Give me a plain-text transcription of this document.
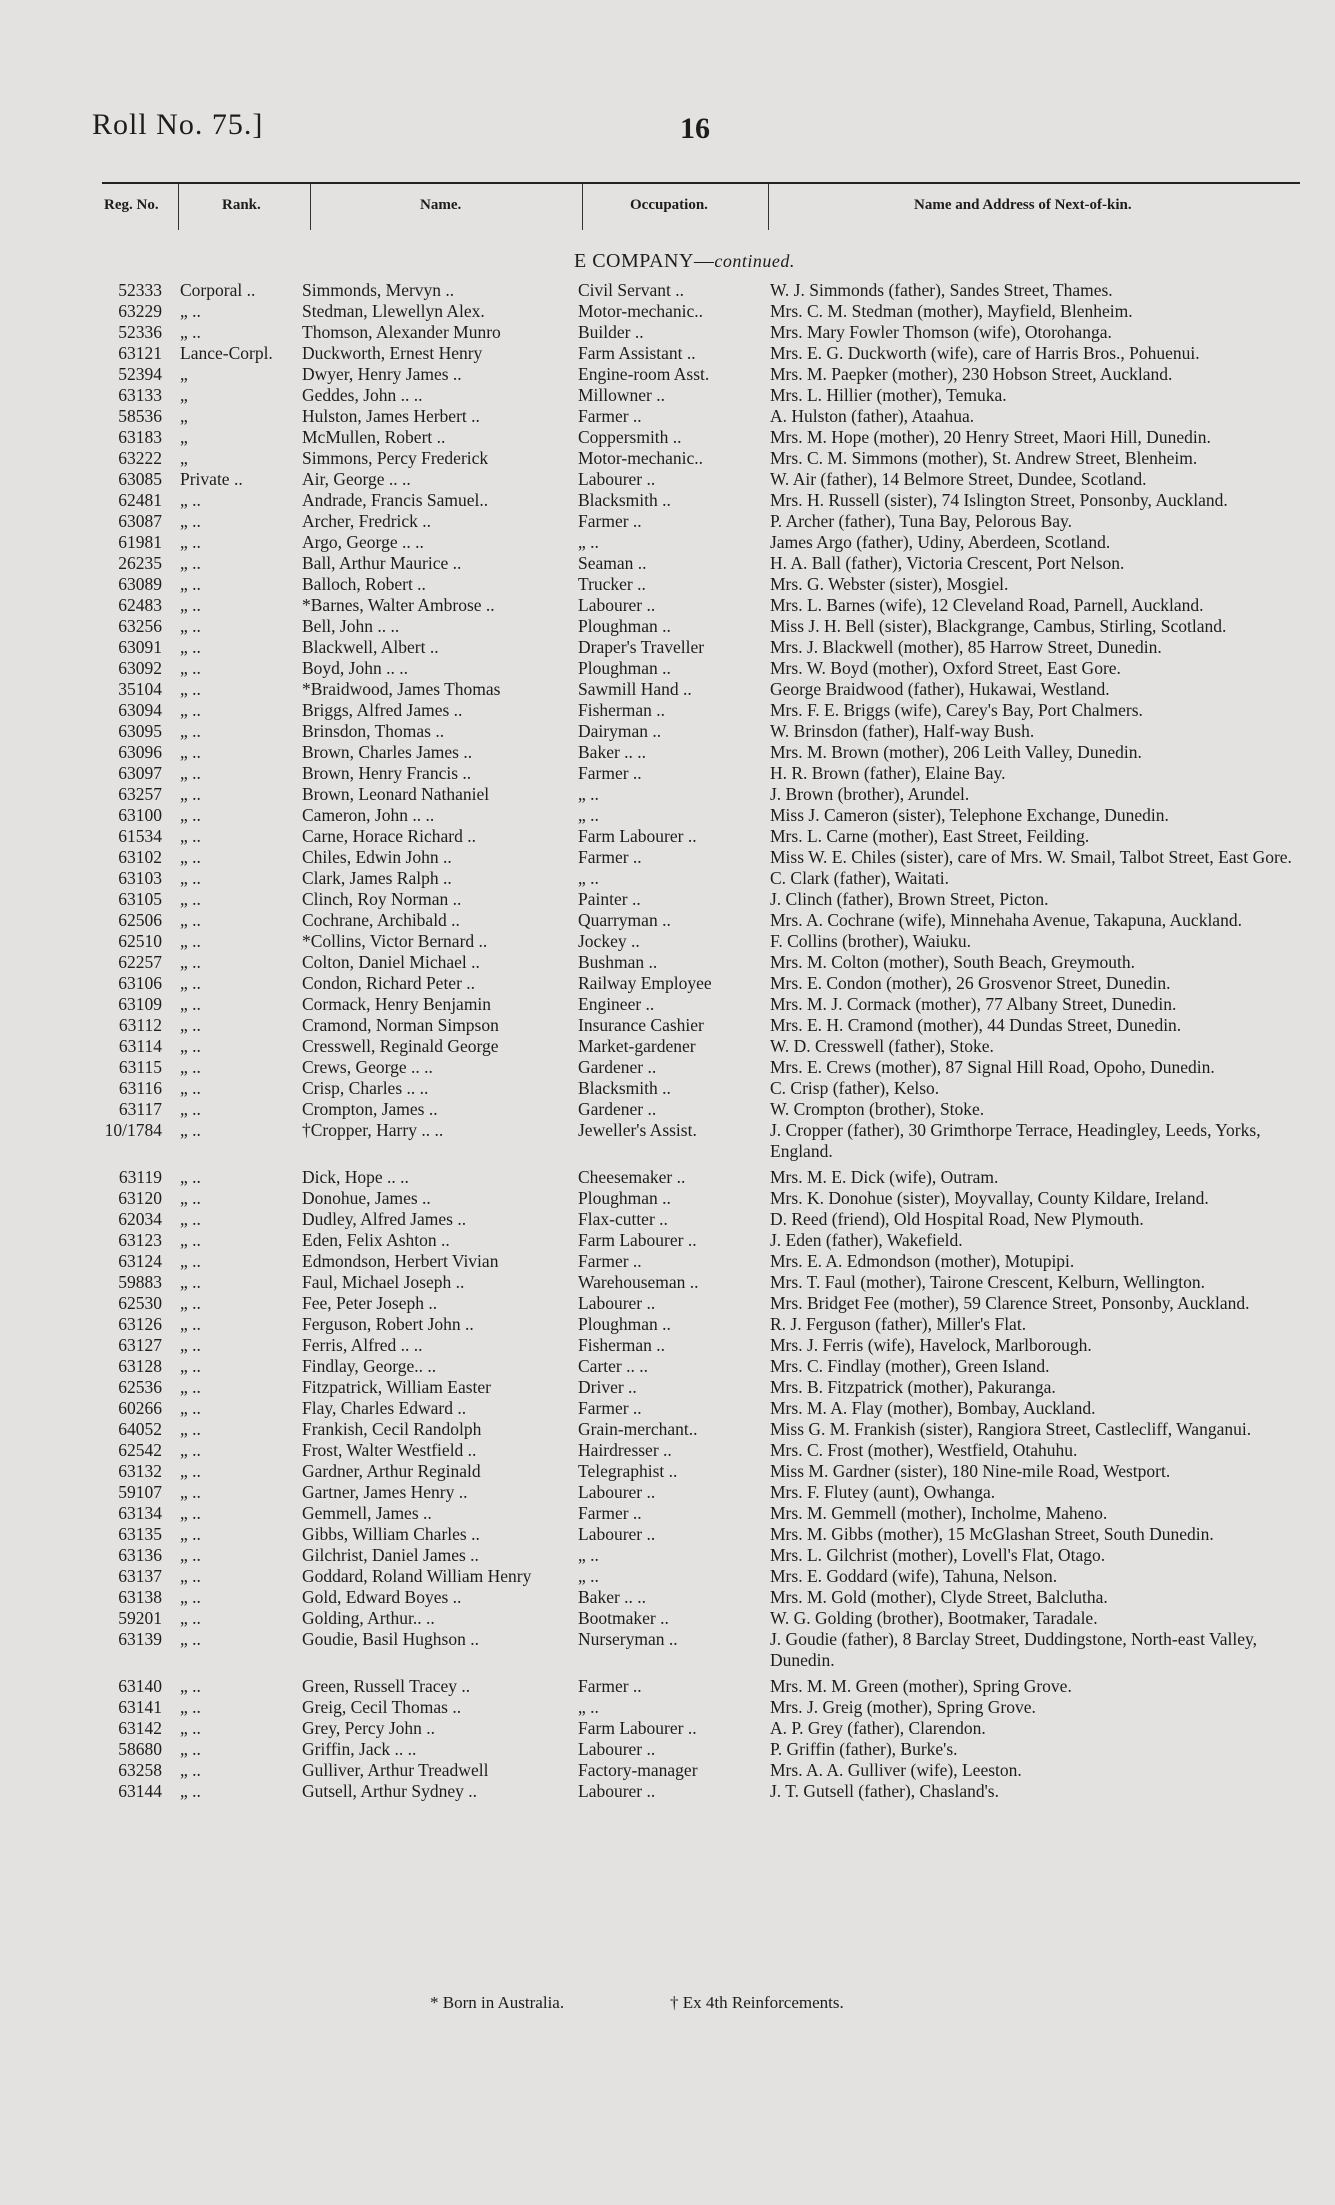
Roll No. 75.]	16
Reg. No.	Rank.	Name.	Occupation.	Name and Address of Next-of-kin.
E COMPANY—continued.
52333 Corporal ..	Simmonds, Mervyn ..	Civil Servant ..	W. J. Simmonds (father), Sandes Street, Thames.
63229 „ ..	Stedman, Llewellyn Alex.	Motor-mechanic..	Mrs. C. M. Stedman (mother), Mayfield, Blenheim.
52336 „ ..	Thomson, Alexander Munro	Builder ..	Mrs. Mary Fowler Thomson (wife), Otorohanga.
63121 Lance-Corpl.	Duckworth, Ernest Henry	Farm Assistant ..	Mrs. E. G. Duckworth (wife), care of Harris Bros., Pohuenui.
52394 „	Dwyer, Henry James ..	Engine-room Asst.	Mrs. M. Paepker (mother), 230 Hobson Street, Auckland.
63133 „	Geddes, John .. ..	Millowner ..	Mrs. L. Hillier (mother), Temuka.
58536 „	Hulston, James Herbert ..	Farmer ..	A. Hulston (father), Ataahua.
63183 „	McMullen, Robert ..	Coppersmith ..	Mrs. M. Hope (mother), 20 Henry Street, Maori Hill, Dunedin.
63222 „	Simmons, Percy Frederick	Motor-mechanic..	Mrs. C. M. Simmons (mother), St. Andrew Street, Blenheim.
63085 Private ..	Air, George .. ..	Labourer ..	W. Air (father), 14 Belmore Street, Dundee, Scotland.
62481 „ ..	Andrade, Francis Samuel..	Blacksmith ..	Mrs. H. Russell (sister), 74 Islington Street, Ponsonby, Auckland.
63087 „ ..	Archer, Fredrick ..	Farmer ..	P. Archer (father), Tuna Bay, Pelorous Bay.
61981 „ ..	Argo, George .. ..	„ ..	James Argo (father), Udiny, Aberdeen, Scotland.
26235 „ ..	Ball, Arthur Maurice ..	Seaman ..	H. A. Ball (father), Victoria Crescent, Port Nelson.
63089 „ ..	Balloch, Robert ..	Trucker ..	Mrs. G. Webster (sister), Mosgiel.
62483 „ ..	*Barnes, Walter Ambrose ..	Labourer ..	Mrs. L. Barnes (wife), 12 Cleveland Road, Parnell, Auckland.
63256 „ ..	Bell, John .. ..	Ploughman ..	Miss J. H. Bell (sister), Blackgrange, Cambus, Stirling, Scotland.
63091 „ ..	Blackwell, Albert ..	Draper's Traveller	Mrs. J. Blackwell (mother), 85 Harrow Street, Dunedin.
63092 „ ..	Boyd, John .. ..	Ploughman ..	Mrs. W. Boyd (mother), Oxford Street, East Gore.
35104 „ ..	*Braidwood, James Thomas	Sawmill Hand ..	George Braidwood (father), Hukawai, Westland.
63094 „ ..	Briggs, Alfred James ..	Fisherman ..	Mrs. F. E. Briggs (wife), Carey's Bay, Port Chalmers.
63095 „ ..	Brinsdon, Thomas ..	Dairyman ..	W. Brinsdon (father), Half-way Bush.
63096 „ ..	Brown, Charles James ..	Baker .. ..	Mrs. M. Brown (mother), 206 Leith Valley, Dunedin.
63097 „ ..	Brown, Henry Francis ..	Farmer ..	H. R. Brown (father), Elaine Bay.
63257 „ ..	Brown, Leonard Nathaniel	„ ..	J. Brown (brother), Arundel.
63100 „ ..	Cameron, John .. ..	„ ..	Miss J. Cameron (sister), Telephone Exchange, Dunedin.
61534 „ ..	Carne, Horace Richard ..	Farm Labourer ..	Mrs. L. Carne (mother), East Street, Feilding.
63102 „ ..	Chiles, Edwin John ..	Farmer ..	Miss W. E. Chiles (sister), care of Mrs. W. Smail, Talbot Street, East Gore.
63103 „ ..	Clark, James Ralph ..	„ ..	C. Clark (father), Waitati.
63105 „ ..	Clinch, Roy Norman ..	Painter ..	J. Clinch (father), Brown Street, Picton.
62506 „ ..	Cochrane, Archibald ..	Quarryman ..	Mrs. A. Cochrane (wife), Minnehaha Avenue, Takapuna, Auckland.
62510 „ ..	*Collins, Victor Bernard ..	Jockey ..	F. Collins (brother), Waiuku.
62257 „ ..	Colton, Daniel Michael ..	Bushman ..	Mrs. M. Colton (mother), South Beach, Greymouth.
63106 „ ..	Condon, Richard Peter ..	Railway Employee	Mrs. E. Condon (mother), 26 Grosvenor Street, Dunedin.
63109 „ ..	Cormack, Henry Benjamin	Engineer ..	Mrs. M. J. Cormack (mother), 77 Albany Street, Dunedin.
63112 „ ..	Cramond, Norman Simpson	Insurance Cashier	Mrs. E. H. Cramond (mother), 44 Dundas Street, Dunedin.
63114 „ ..	Cresswell, Reginald George	Market-gardener	W. D. Cresswell (father), Stoke.
63115 „ ..	Crews, George .. ..	Gardener ..	Mrs. E. Crews (mother), 87 Signal Hill Road, Opoho, Dunedin.
63116 „ ..	Crisp, Charles .. ..	Blacksmith ..	C. Crisp (father), Kelso.
63117 „ ..	Crompton, James ..	Gardener ..	W. Crompton (brother), Stoke.
10/1784 „ ..	†Cropper, Harry .. ..	Jeweller's Assist.	J. Cropper (father), 30 Grimthorpe Terrace, Headingley, Leeds, Yorks, England.
63119 „ ..	Dick, Hope .. ..	Cheesemaker ..	Mrs. M. E. Dick (wife), Outram.
63120 „ ..	Donohue, James ..	Ploughman ..	Mrs. K. Donohue (sister), Moyvallay, County Kildare, Ireland.
62034 „ ..	Dudley, Alfred James ..	Flax-cutter ..	D. Reed (friend), Old Hospital Road, New Plymouth.
63123 „ ..	Eden, Felix Ashton ..	Farm Labourer ..	J. Eden (father), Wakefield.
63124 „ ..	Edmondson, Herbert Vivian	Farmer ..	Mrs. E. A. Edmondson (mother), Motupipi.
59883 „ ..	Faul, Michael Joseph ..	Warehouseman ..	Mrs. T. Faul (mother), Tairone Crescent, Kelburn, Wellington.
62530 „ ..	Fee, Peter Joseph ..	Labourer ..	Mrs. Bridget Fee (mother), 59 Clarence Street, Ponsonby, Auckland.
63126 „ ..	Ferguson, Robert John ..	Ploughman ..	R. J. Ferguson (father), Miller's Flat.
63127 „ ..	Ferris, Alfred .. ..	Fisherman ..	Mrs. J. Ferris (wife), Havelock, Marlborough.
63128 „ ..	Findlay, George.. ..	Carter .. ..	Mrs. C. Findlay (mother), Green Island.
62536 „ ..	Fitzpatrick, William Easter	Driver ..	Mrs. B. Fitzpatrick (mother), Pakuranga.
60266 „ ..	Flay, Charles Edward ..	Farmer ..	Mrs. M. A. Flay (mother), Bombay, Auckland.
64052 „ ..	Frankish, Cecil Randolph	Grain-merchant..	Miss G. M. Frankish (sister), Rangiora Street, Castlecliff, Wanganui.
62542 „ ..	Frost, Walter Westfield ..	Hairdresser ..	Mrs. C. Frost (mother), Westfield, Otahuhu.
63132 „ ..	Gardner, Arthur Reginald	Telegraphist ..	Miss M. Gardner (sister), 180 Nine-mile Road, Westport.
59107 „ ..	Gartner, James Henry ..	Labourer ..	Mrs. F. Flutey (aunt), Owhanga.
63134 „ ..	Gemmell, James ..	Farmer ..	Mrs. M. Gemmell (mother), Incholme, Maheno.
63135 „ ..	Gibbs, William Charles ..	Labourer ..	Mrs. M. Gibbs (mother), 15 McGlashan Street, South Dunedin.
63136 „ ..	Gilchrist, Daniel James ..	„ ..	Mrs. L. Gilchrist (mother), Lovell's Flat, Otago.
63137 „ ..	Goddard, Roland William Henry	„ ..	Mrs. E. Goddard (wife), Tahuna, Nelson.
63138 „ ..	Gold, Edward Boyes ..	Baker .. ..	Mrs. M. Gold (mother), Clyde Street, Balclutha.
59201 „ ..	Golding, Arthur.. ..	Bootmaker ..	W. G. Golding (brother), Bootmaker, Taradale.
63139 „ ..	Goudie, Basil Hughson ..	Nurseryman ..	J. Goudie (father), 8 Barclay Street, Duddingstone, North-east Valley, Dunedin.
63140 „ ..	Green, Russell Tracey ..	Farmer ..	Mrs. M. M. Green (mother), Spring Grove.
63141 „ ..	Greig, Cecil Thomas ..	„ ..	Mrs. J. Greig (mother), Spring Grove.
63142 „ ..	Grey, Percy John ..	Farm Labourer ..	A. P. Grey (father), Clarendon.
58680 „ ..	Griffin, Jack .. ..	Labourer ..	P. Griffin (father), Burke's.
63258 „ ..	Gulliver, Arthur Treadwell	Factory-manager	Mrs. A. A. Gulliver (wife), Leeston.
63144 „ ..	Gutsell, Arthur Sydney ..	Labourer ..	J. T. Gutsell (father), Chasland's.
* Born in Australia.	† Ex 4th Reinforcements.
